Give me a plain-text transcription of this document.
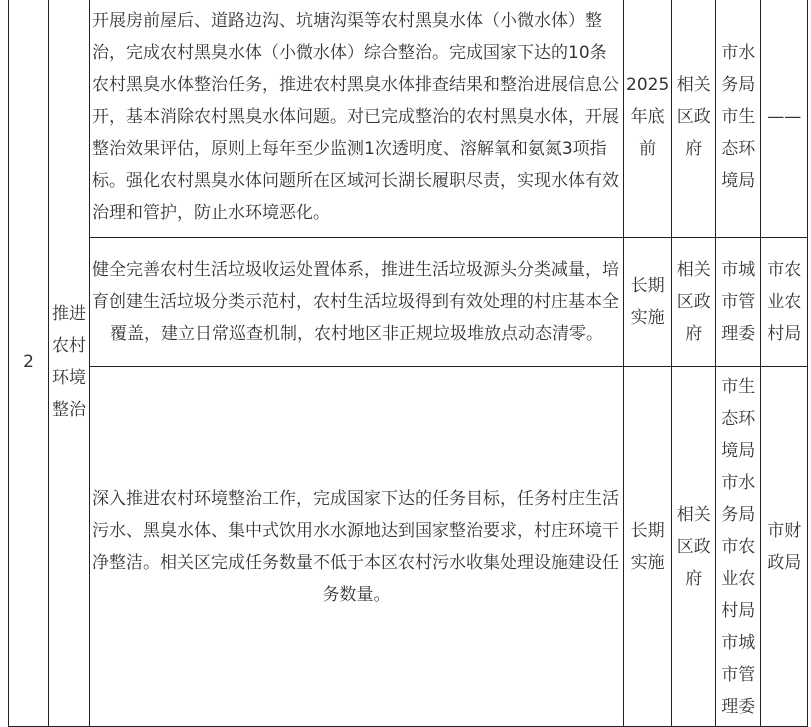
2	推进农村环境整治	开展房前屋后、道路边沟、坑塘沟渠等农村黑臭水体（小微水体）整治，完成农村黑臭水体（小微水体）综合整治。完成国家下达的10条农村黑臭水体整治任务，推进农村黑臭水体排查结果和整治进展信息公开，基本消除农村黑臭水体问题。对已完成整治的农村黑臭水体，开展整治效果评估，原则上每年至少监测1次透明度、溶解氧和氨氮3项指标。强化农村黑臭水体问题所在区域河长湖长履职尽责，实现水体有效治理和管护，防止水环境恶化。	2025年底前	相关区政府	市水务局市生态环境局	——
		健全完善农村生活垃圾收运处置体系，推进生活垃圾源头分类减量，培育创建生活垃圾分类示范村，农村生活垃圾得到有效处理的村庄基本全覆盖，建立日常巡查机制，农村地区非正规垃圾堆放点动态清零。	长期实施	相关区政府	市城市管理委	市农业农村局
		深入推进农村环境整治工作，完成国家下达的任务目标，任务村庄生活污水、黑臭水体、集中式饮用水水源地达到国家整治要求，村庄环境干净整洁。相关区完成任务数量不低于本区农村污水收集处理设施建设任务数量。	长期实施	相关区政府	市生态环境局市水务局市农业农村局市城市管理委	市财政局
